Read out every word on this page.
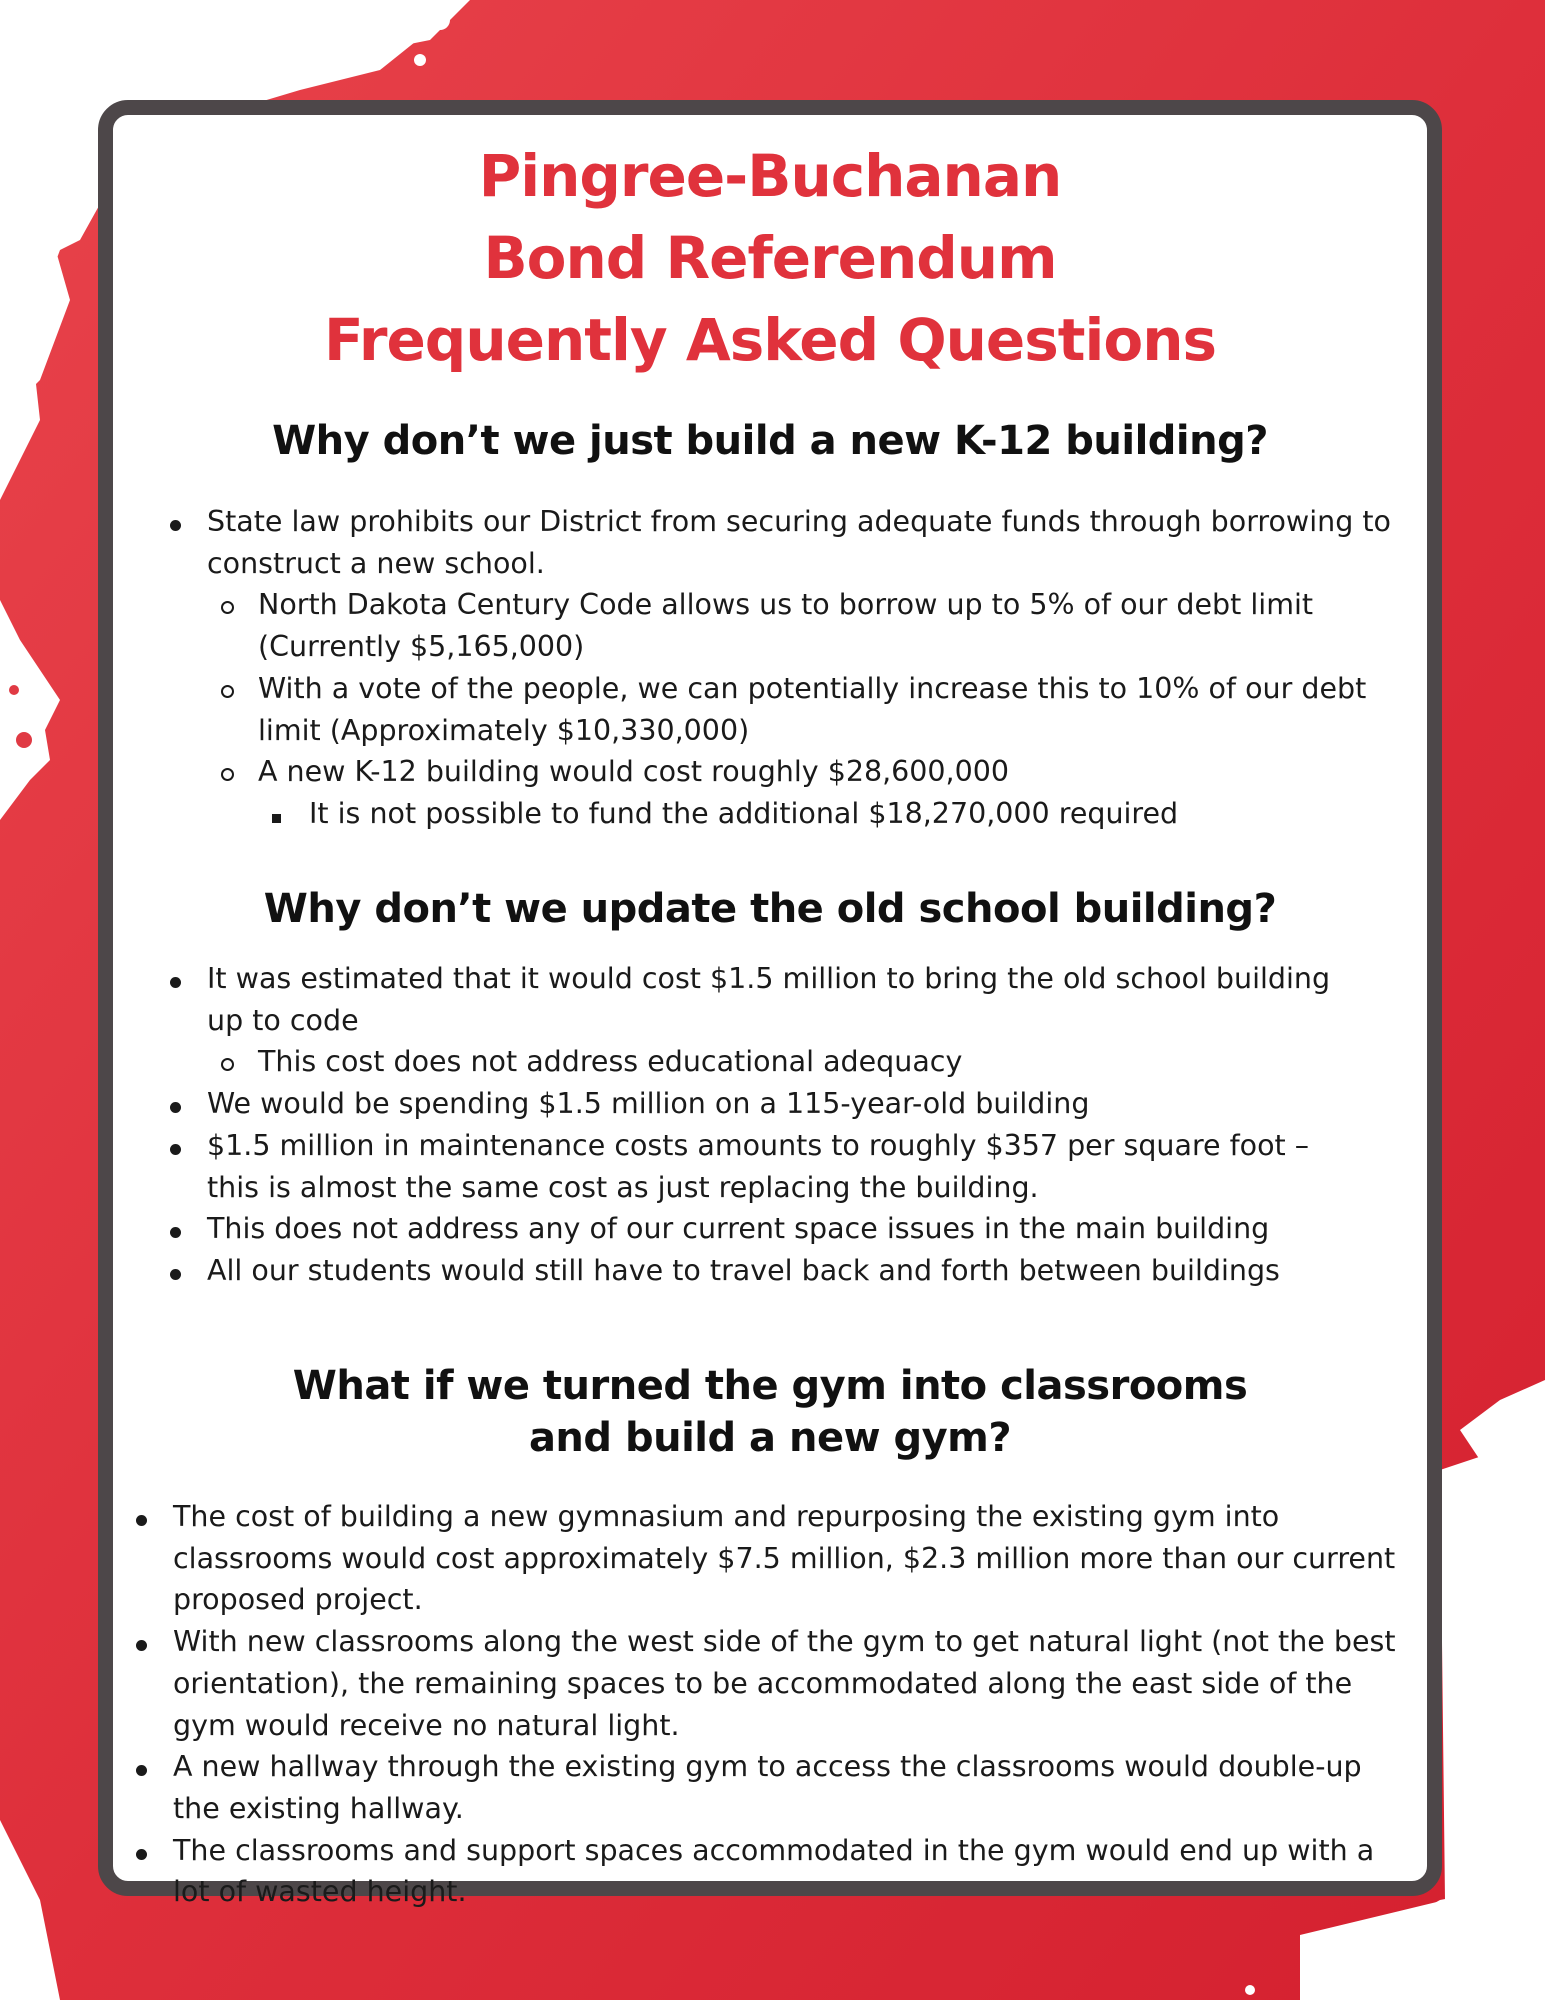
Pingree-Buchanan
Bond Referendum
Frequently Asked Questions
Why don’t we just build a new K-12 building?
State law prohibits our District from securing adequate funds through borrowing to construct a new school.
North Dakota Century Code allows us to borrow up to 5% of our debt limit (Currently $5,165,000)
With a vote of the people, we can potentially increase this to 10% of our debt limit (Approximately $10,330,000)
A new K-12 building would cost roughly $28,600,000
It is not possible to fund the additional $18,270,000 required
Why don’t we update the old school building?
It was estimated that it would cost $1.5 million to bring the old school building up to code
This cost does not address educational adequacy
We would be spending $1.5 million on a 115-year-old building
$1.5 million in maintenance costs amounts to roughly $357 per square foot – this is almost the same cost as just replacing the building.
This does not address any of our current space issues in the main building
All our students would still have to travel back and forth between buildings
What if we turned the gym into classrooms
and build a new gym?
The cost of building a new gymnasium and repurposing the existing gym into classrooms would cost approximately $7.5 million, $2.3 million more than our current proposed project.
With new classrooms along the west side of the gym to get natural light (not the best orientation), the remaining spaces to be accommodated along the east side of the gym would receive no natural light.
A new hallway through the existing gym to access the classrooms would double-up the existing hallway.
The classrooms and support spaces accommodated in the gym would end up with a lot of wasted height.
